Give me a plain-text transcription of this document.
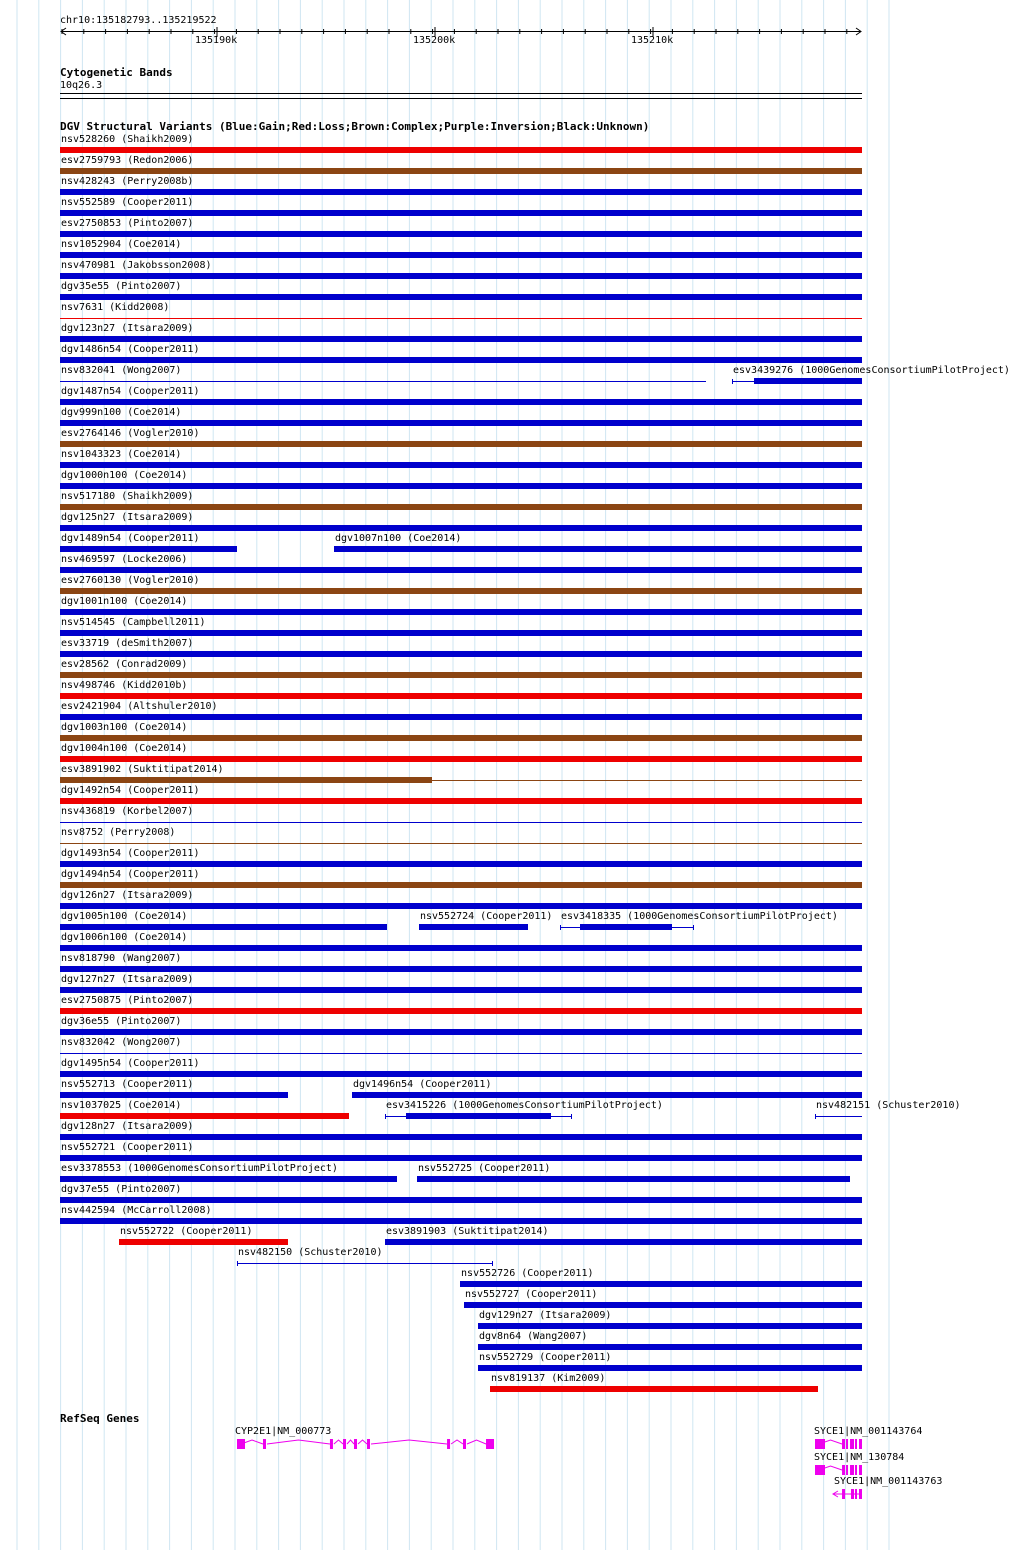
chr10:135182793..135219522
135190k	135200k	135210k
Cytogenetic Bands
10q26.3
DGV Structural Variants (Blue:Gain;Red:Loss;Brown:Complex;Purple:Inversion;Black:Unknown)
nsv528260 (Shaikh2009)
esv2759793 (Redon2006)
nsv428243 (Perry2008b)
nsv552589 (Cooper2011)
esv2750853 (Pinto2007)
nsv1052904 (Coe2014)
nsv470981 (Jakobsson2008)
dgv35e55 (Pinto2007)
nsv7631 (Kidd2008)
dgv123n27 (Itsara2009)
dgv1486n54 (Cooper2011)
nsv832041 (Wong2007)	esv3439276 (1000GenomesConsortiumPilotProject)
dgv1487n54 (Cooper2011)
dgv999n100 (Coe2014)
esv2764146 (Vogler2010)
nsv1043323 (Coe2014)
dgv1000n100 (Coe2014)
nsv517180 (Shaikh2009)
dgv125n27 (Itsara2009)
dgv1489n54 (Cooper2011)	dgv1007n100 (Coe2014)
nsv469597 (Locke2006)
esv2760130 (Vogler2010)
dgv1001n100 (Coe2014)
nsv514545 (Campbell2011)
esv33719 (deSmith2007)
esv28562 (Conrad2009)
nsv498746 (Kidd2010b)
esv2421904 (Altshuler2010)
dgv1003n100 (Coe2014)
dgv1004n100 (Coe2014)
esv3891902 (Suktitipat2014)
dgv1492n54 (Cooper2011)
nsv436819 (Korbel2007)
nsv8752 (Perry2008)
dgv1493n54 (Cooper2011)
dgv1494n54 (Cooper2011)
dgv126n27 (Itsara2009)
dgv1005n100 (Coe2014)	nsv552724 (Cooper2011) esv3418335 (1000GenomesConsortiumPilotProject)
dgv1006n100 (Coe2014)
nsv818790 (Wang2007)
dgv127n27 (Itsara2009)
esv2750875 (Pinto2007)
dgv36e55 (Pinto2007)
nsv832042 (Wong2007)
dgv1495n54 (Cooper2011)
nsv552713 (Cooper2011)	dgv1496n54 (Cooper2011)
nsv1037025 (Coe2014)	esv3415226 (1000GenomesConsortiumPilotProject)	nsv482151 (Schuster2010)
dgv128n27 (Itsara2009)
nsv552721 (Cooper2011)
esv3378553 (1000GenomesConsortiumPilotProject)	nsv552725 (Cooper2011)
dgv37e55 (Pinto2007)
nsv442594 (McCarroll2008)
nsv552722 (Cooper2011)	esv3891903 (Suktitipat2014)
nsv482150 (Schuster2010)
nsv552726 (Cooper2011)
nsv552727 (Cooper2011)
dgv129n27 (Itsara2009)
dgv8n64 (Wang2007)
nsv552729 (Cooper2011)
nsv819137 (Kim2009)
RefSeq Genes
CYP2E1|NM_000773	SYCE1|NM_001143764
SYCE1|NM_130784
SYCE1|NM_001143763
